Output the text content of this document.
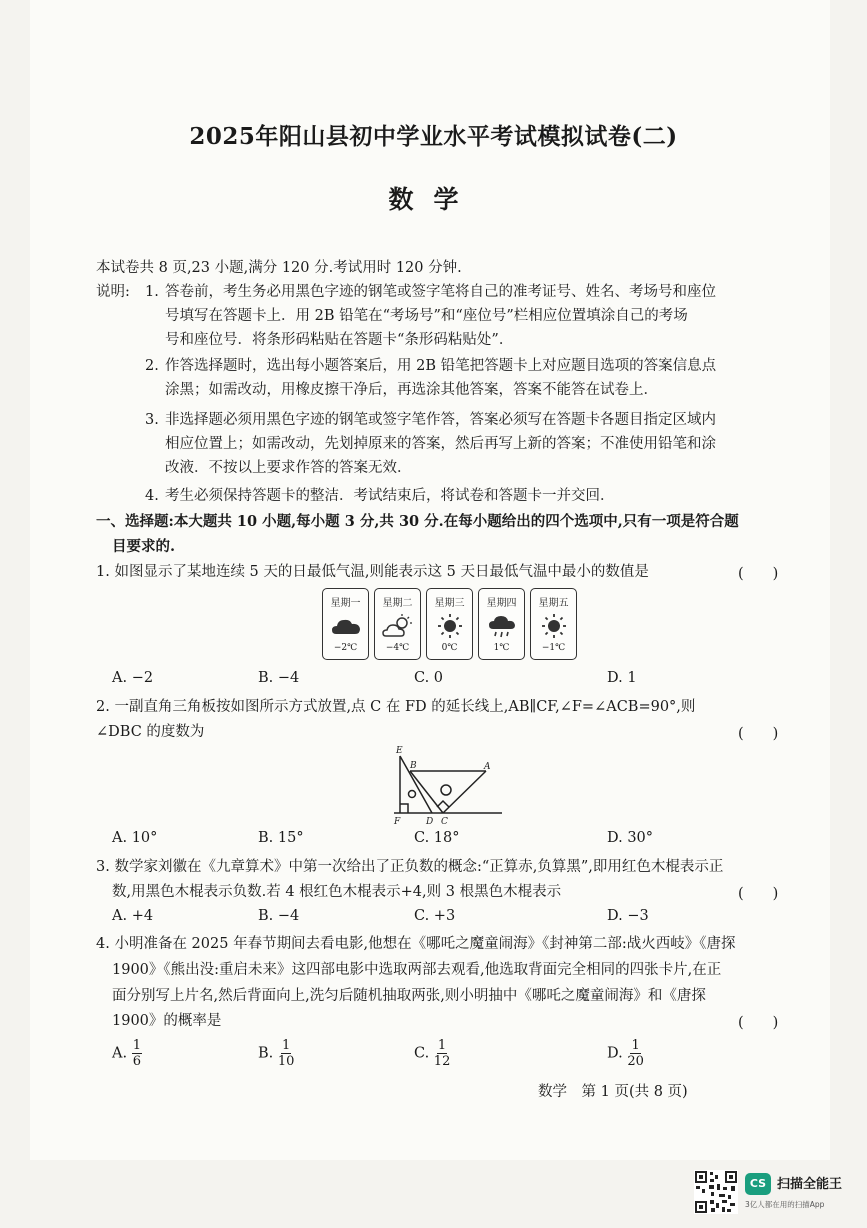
2025年阳山县初中学业水平考试模拟试卷(二)
数学
本试卷共 8 页,23 小题,满分 120 分.考试用时 120 分钟.
说明: 1. 答卷前，考生务必用黑色字迹的钢笔或签字笔将自己的准考证号、姓名、考场号和座位
号填写在答题卡上．用 2B 铅笔在“考场号”和“座位号”栏相应位置填涂自己的考场
号和座位号．将条形码粘贴在答题卡“条形码粘贴处”．
2. 作答选择题时，选出每小题答案后，用 2B 铅笔把答题卡上对应题目选项的答案信息点
涂黑；如需改动，用橡皮擦干净后，再选涂其他答案，答案不能答在试卷上．
3. 非选择题必须用黑色字迹的钢笔或签字笔作答，答案必须写在答题卡各题目指定区域内
相应位置上；如需改动，先划掉原来的答案，然后再写上新的答案；不准使用铅笔和涂
改液．不按以上要求作答的答案无效．
4. 考生必须保持答题卡的整洁．考试结束后，将试卷和答题卡一并交回．
一、选择题:本大题共 10 小题,每小题 3 分,共 30 分.在每小题给出的四个选项中,只有一项是符合题
目要求的.
1. 如图显示了某地连续 5 天的日最低气温,则能表示这 5 天日最低气温中最小的数值是	(　　)
星期一
−2℃
星期二
−4℃
星期三
0℃
星期四
1℃
星期五
−1℃
A. −2	B. −4	C. 0	D. 1
2. 一副直角三角板按如图所示方式放置,点 C 在 FD 的延长线上,AB∥CF,∠F=∠ACB=90°,则
∠DBC 的度数为	(　　)
E
B	A
F	D C
A. 10°	B. 15°	C. 18°	D. 30°
3. 数学家刘徽在《九章算术》中第一次给出了正负数的概念:“正算赤,负算黑”,即用红色木棍表示正
数,用黑色木棍表示负数.若 4 根红色木棍表示+4,则 3 根黑色木棍表示	(　　)
A. +4	B. −4	C. +3	D. −3
4. 小明准备在 2025 年春节期间去看电影,他想在《哪吒之魔童闹海》《封神第二部:战火西岐》《唐探
1900》《熊出没:重启未来》这四部电影中选取两部去观看,他选取背面完全相同的四张卡片,在正
面分别写上片名,然后背面向上,洗匀后随机抽取两张,则小明抽中《哪吒之魔童闹海》和《唐探
1900》的概率是	(　　)
A. $\frac{1}{6}$	B. $\frac{1}{10}$	C. $\frac{1}{12}$	D. $\frac{1}{20}$
数学　第 1 页(共 8 页)
CS 扫描全能王
3亿人都在用的扫描App
